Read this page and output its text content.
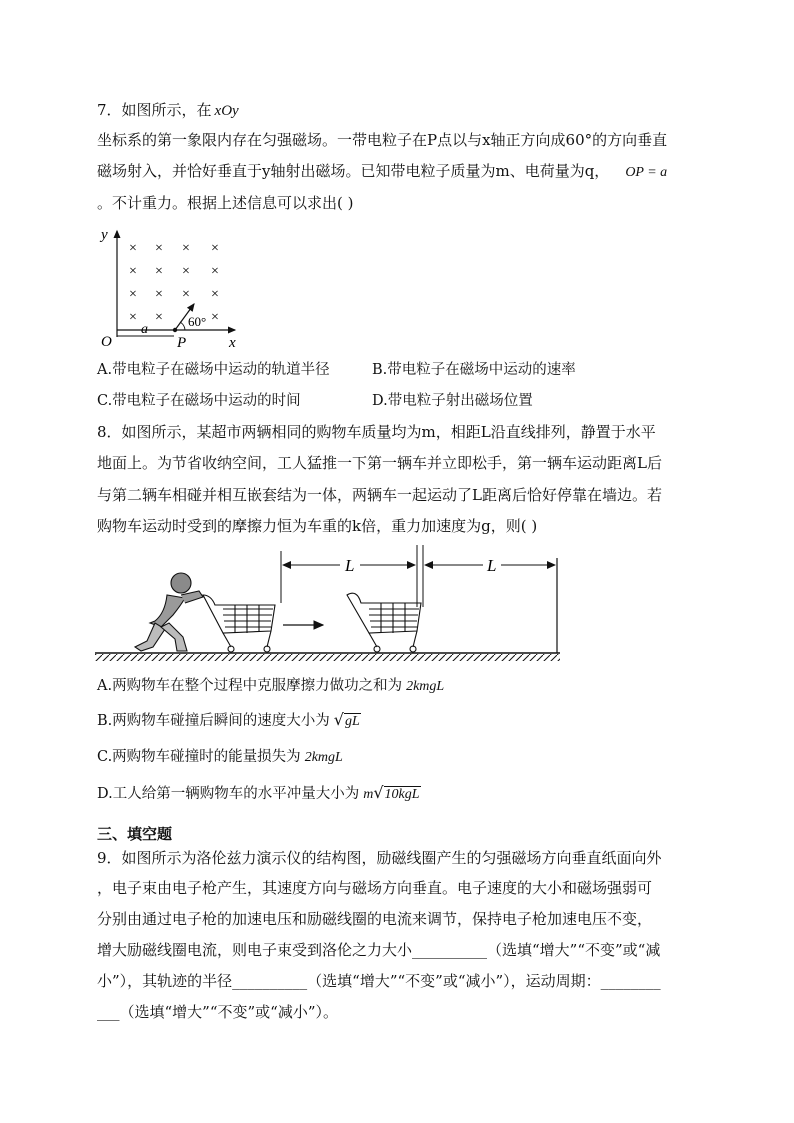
7．如图所示，在 xOy
坐标系的第一象限内存在匀强磁场。一带电粒子在P点以与x轴正方向成60°的方向垂直
磁场射入，并恰好垂直于y轴射出磁场。已知带电粒子质量为m、电荷量为q， OP = a
。不计重力。根据上述信息可以求出( )
y
x
O
× × × ×
× × × ×
× × × ×
× ×	×
a
P
60°
A.带电粒子在磁场中运动的轨道半径	B.带电粒子在磁场中运动的速率
C.带电粒子在磁场中运动的时间	D.带电粒子射出磁场位置
8．如图所示，某超市两辆相同的购物车质量均为m，相距L沿直线排列，静置于水平
地面上。为节省收纳空间，工人猛推一下第一辆车并立即松手，第一辆车运动距离L后
与第二辆车相碰并相互嵌套结为一体，两辆车一起运动了L距离后恰好停靠在墙边。若
购物车运动时受到的摩擦力恒为车重的k倍，重力加速度为g，则( )
L	L
A.两购物车在整个过程中克服摩擦力做功之和为 2kmgL
B.两购物车碰撞后瞬间的速度大小为 √gL
C.两购物车碰撞时的能量损失为 2kmgL
D.工人给第一辆购物车的水平冲量大小为 m√10kgL
三、填空题
9．如图所示为洛伦兹力演示仪的结构图，励磁线圈产生的匀强磁场方向垂直纸面向外
，电子束由电子枪产生，其速度方向与磁场方向垂直。电子速度的大小和磁场强弱可
分别由通过电子枪的加速电压和励磁线圈的电流来调节，保持电子枪加速电压不变，
增大励磁线圈电流，则电子束受到洛伦之力大小__________（选填“增大”“不变”或“减
小”），其轨迹的半径__________（选填“增大”“不变”或“减小”），运动周期：________
___（选填“增大”“不变”或“减小”）。
